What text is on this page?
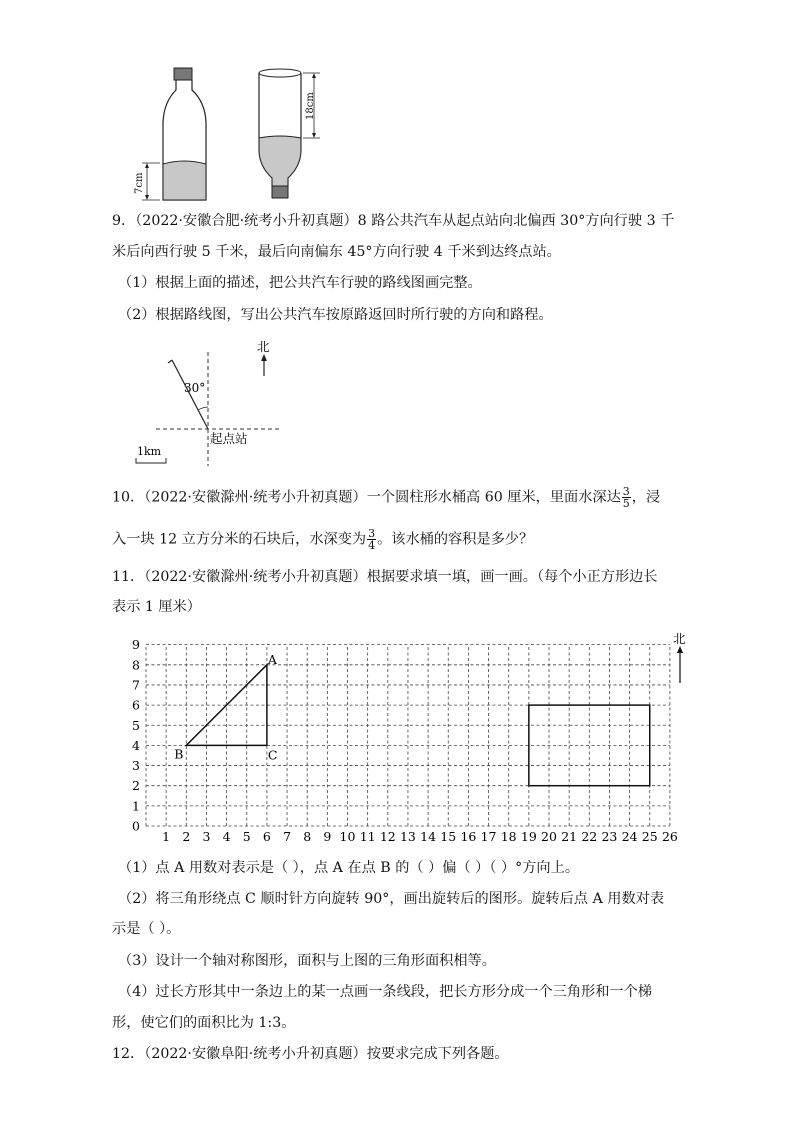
7cm
18cm
9．（2022·安徽合肥·统考小升初真题）8 路公共汽车从起点站向北偏西 30°方向行驶 3 千
米后向西行驶 5 千米，最后向南偏东 45°方向行驶 4 千米到达终点站。
（1）根据上面的描述，把公共汽车行驶的路线图画完整。
（2）根据路线图，写出公共汽车按原路返回时所行驶的方向和路程。
30°
起点站
北
1km
10．（2022·安徽滁州·统考小升初真题）一个圆柱形水桶高 60 厘米，里面水深达 $\frac{3}{5}$ ，浸
入一块 12 立方分米的石块后，水深变为 $\frac{3}{4}$ 。该水桶的容积是多少？
11．（2022·安徽滁州·统考小升初真题）根据要求填一填，画一画。（每个小正方形边长
表示 1 厘米）
1 2 3 4 5 6 7 8 9 10 11 12 13 14 15 16 17 18 19 20 21 22 23 24 25 26
0
1
2
3
4
5
6
7
8
9
A
B	C
北
（1）点 A 用数对表示是（ ），点 A 在点 B 的（ ）偏（ ）（ ）°方向上。
（2）将三角形绕点 C 顺时针方向旋转 90°，画出旋转后的图形。旋转后点 A 用数对表
示是（ ）。
（3）设计一个轴对称图形，面积与上图的三角形面积相等。
（4）过长方形其中一条边上的某一点画一条线段，把长方形分成一个三角形和一个梯
形，使它们的面积比为 1:3。
12．（2022·安徽阜阳·统考小升初真题）按要求完成下列各题。
